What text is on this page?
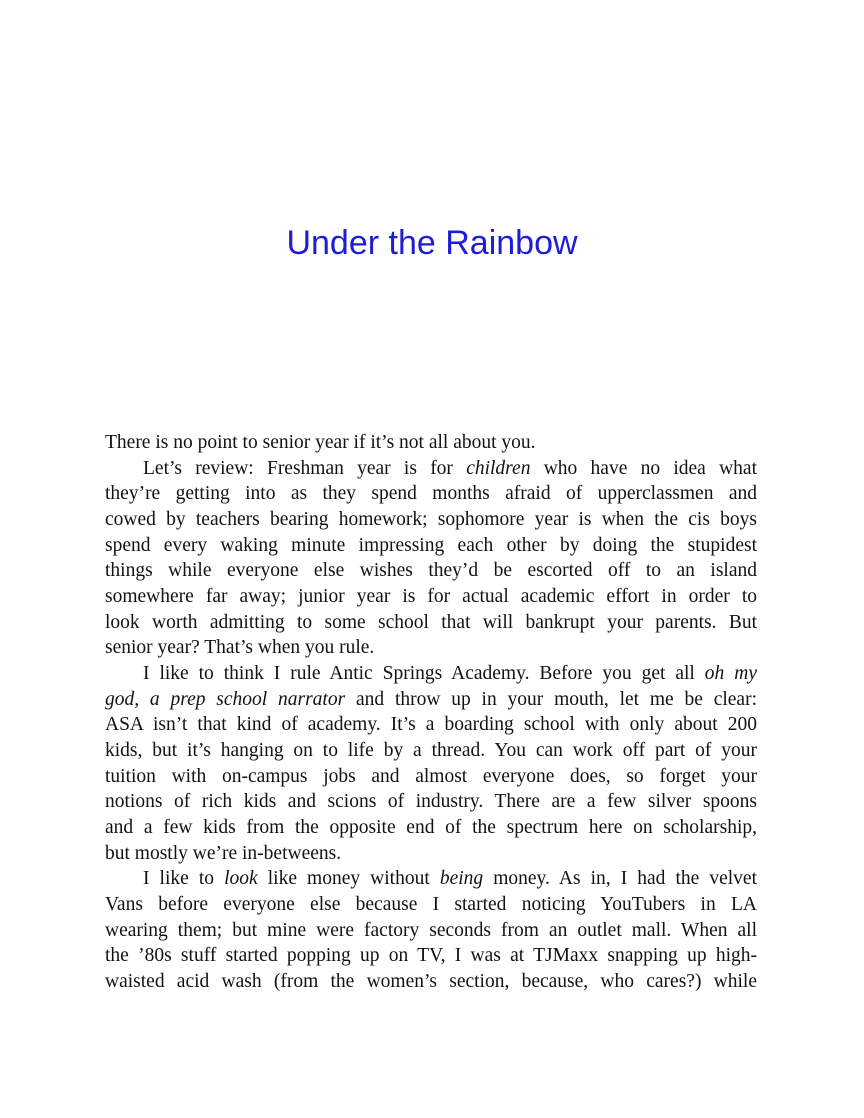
Under the Rainbow
There is no point to senior year if it’s not all about you.
Let’s review: Freshman year is for children who have no idea what
they’re getting into as they spend months afraid of upperclassmen and
cowed by teachers bearing homework; sophomore year is when the cis boys
spend every waking minute impressing each other by doing the stupidest
things while everyone else wishes they’d be escorted off to an island
somewhere far away; junior year is for actual academic effort in order to
look worth admitting to some school that will bankrupt your parents. But
senior year? That’s when you rule.
I like to think I rule Antic Springs Academy. Before you get all oh my
god, a prep school narrator and throw up in your mouth, let me be clear:
ASA isn’t that kind of academy. It’s a boarding school with only about 200
kids, but it’s hanging on to life by a thread. You can work off part of your
tuition with on-campus jobs and almost everyone does, so forget your
notions of rich kids and scions of industry. There are a few silver spoons
and a few kids from the opposite end of the spectrum here on scholarship,
but mostly we’re in-betweens.
I like to look like money without being money. As in, I had the velvet
Vans before everyone else because I started noticing YouTubers in LA
wearing them; but mine were factory seconds from an outlet mall. When all
the ’80s stuff started popping up on TV, I was at TJMaxx snapping up high-
waisted acid wash (from the women’s section, because, who cares?) while
